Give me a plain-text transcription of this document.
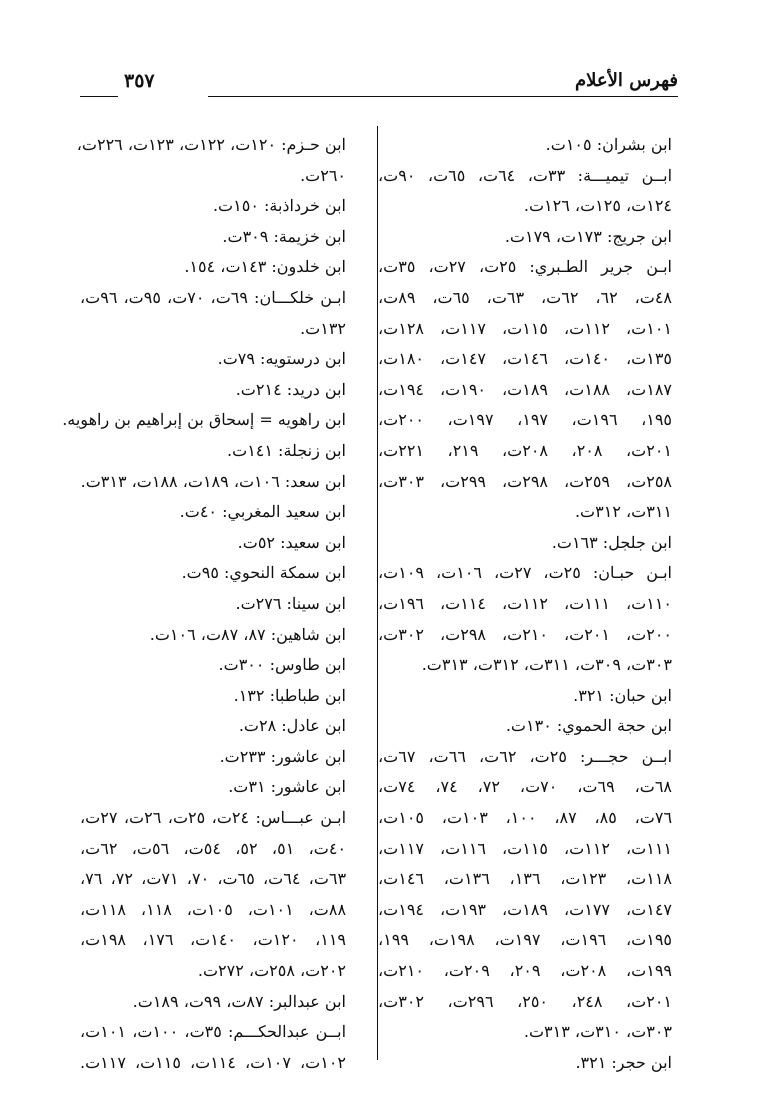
فهرس الأعلام
٣٥٧
ابن بشران: ١٠٥ت.
ابــن تيميـــة: ٣٣ت، ٦٤ت، ٦٥ت، ٩٠ت،
١٢٤ت، ١٢٥ت، ١٢٦ت.
ابن جريج: ١٧٣ت، ١٧٩ت.
ابـن جرير الطـبري: ٢٥ت، ٢٧ت، ٣٥ت،
٤٨ت، ٦٢، ٦٢ت، ٦٣ت، ٦٥ت، ٨٩ت،
١٠١ت، ١١٢ت، ١١٥ت، ١١٧ت، ١٢٨ت،
١٣٥ت، ١٤٠ت، ١٤٦ت، ١٤٧ت، ١٨٠ت،
١٨٧ت، ١٨٨ت، ١٨٩ت، ١٩٠ت، ١٩٤ت،
١٩٥، ١٩٦ت، ١٩٧، ١٩٧ت، ٢٠٠ت،
٢٠١ت، ٢٠٨، ٢٠٨ت، ٢١٩، ٢٢١ت،
٢٥٨ت، ٢٥٩ت، ٢٩٨ت، ٢٩٩ت، ٣٠٣ت،
٣١١ت، ٣١٢ت.
ابن جلجل: ١٦٣ت.
ابـن حبـان: ٢٥ت، ٢٧ت، ١٠٦ت، ١٠٩ت،
١١٠ت، ١١١ت، ١١٢ت، ١١٤ت، ١٩٦ت،
٢٠٠ت، ٢٠١ت، ٢١٠ت، ٢٩٨ت، ٣٠٢ت،
٣٠٣ت، ٣٠٩ت، ٣١١ت، ٣١٢ت، ٣١٣ت.
ابن حبان: ٣٢١.
ابن حجة الحموي: ١٣٠ت.
ابــن حجـــر: ٢٥ت، ٦٢ت، ٦٦ت، ٦٧ت،
٦٨ت، ٦٩ت، ٧٠ت، ٧٢، ٧٤، ٧٤ت،
٧٦ت، ٨٥، ٨٧، ١٠٠، ١٠٣ت، ١٠٥ت،
١١١ت، ١١٢ت، ١١٥ت، ١١٦ت، ١١٧ت،
١١٨ت، ١٢٣ت، ١٣٦، ١٣٦ت، ١٤٦ت،
١٤٧ت، ١٧٧ت، ١٨٩ت، ١٩٣ت، ١٩٤ت،
١٩٥ت، ١٩٦ت، ١٩٧ت، ١٩٨ت، ١٩٩،
١٩٩ت، ٢٠٨ت، ٢٠٩، ٢٠٩ت، ٢١٠ت،
٢٠١ت، ٢٤٨، ٢٥٠، ٢٩٦ت، ٣٠٢ت،
٣٠٣ت، ٣١٠ت، ٣١٣ت.
ابن حجر: ٣٢١.
ابن حـزم: ١٢٠ت، ١٢٢ت، ١٢٣ت، ٢٢٦ت،
٢٦٠ت.
ابن خرداذبة: ١٥٠ت.
ابن خزيمة: ٣٠٩ت.
ابن خلدون: ١٤٣ت، ١٥٤.
ابـن خلكـــان: ٦٩ت، ٧٠ت، ٩٥ت، ٩٦ت،
١٣٢ت.
ابن درستويه: ٧٩ت.
ابن دريد: ٢١٤ت.
ابن راهويه = إسحاق بن إبراهيم بن راهويه.
ابن زنجلة: ١٤١ت.
ابن سعد: ١٠٦ت، ١٨٩ت، ١٨٨ت، ٣١٣ت.
ابن سعيد المغربي: ٤٠ت.
ابن سعيد: ٥٢ت.
ابن سمكة النحوي: ٩٥ت.
ابن سينا: ٢٧٦ت.
ابن شاهين: ٨٧، ٨٧ت، ١٠٦ت.
ابن طاوس: ٣٠٠ت.
ابن طباطبا: ١٣٢.
ابن عادل: ٢٨ت.
ابن عاشور: ٢٣٣ت.
ابن عاشور: ٣١ت.
ابـن عبـــاس: ٢٤ت، ٢٥ت، ٢٦ت، ٢٧ت،
٤٠ت، ٥١، ٥٢، ٥٤ت، ٥٦ت، ٦٢ت،
٦٣ت، ٦٤ت، ٦٥ت، ٧٠، ٧١ت، ٧٢، ٧٦،
٨٨ت، ١٠١ت، ١٠٥ت، ١١٨، ١١٨ت،
١١٩، ١٢٠ت، ١٤٠ت، ١٧٦، ١٩٨ت،
٢٠٢ت، ٢٥٨ت، ٢٧٢ت.
ابن عبدالبر: ٨٧ت، ٩٩ت، ١٨٩ت.
ابــن عبدالحكـــم: ٣٥ت، ١٠٠ت، ١٠١ت،
١٠٢ت، ١٠٧ت، ١١٤ت، ١١٥ت، ١١٧ت.
